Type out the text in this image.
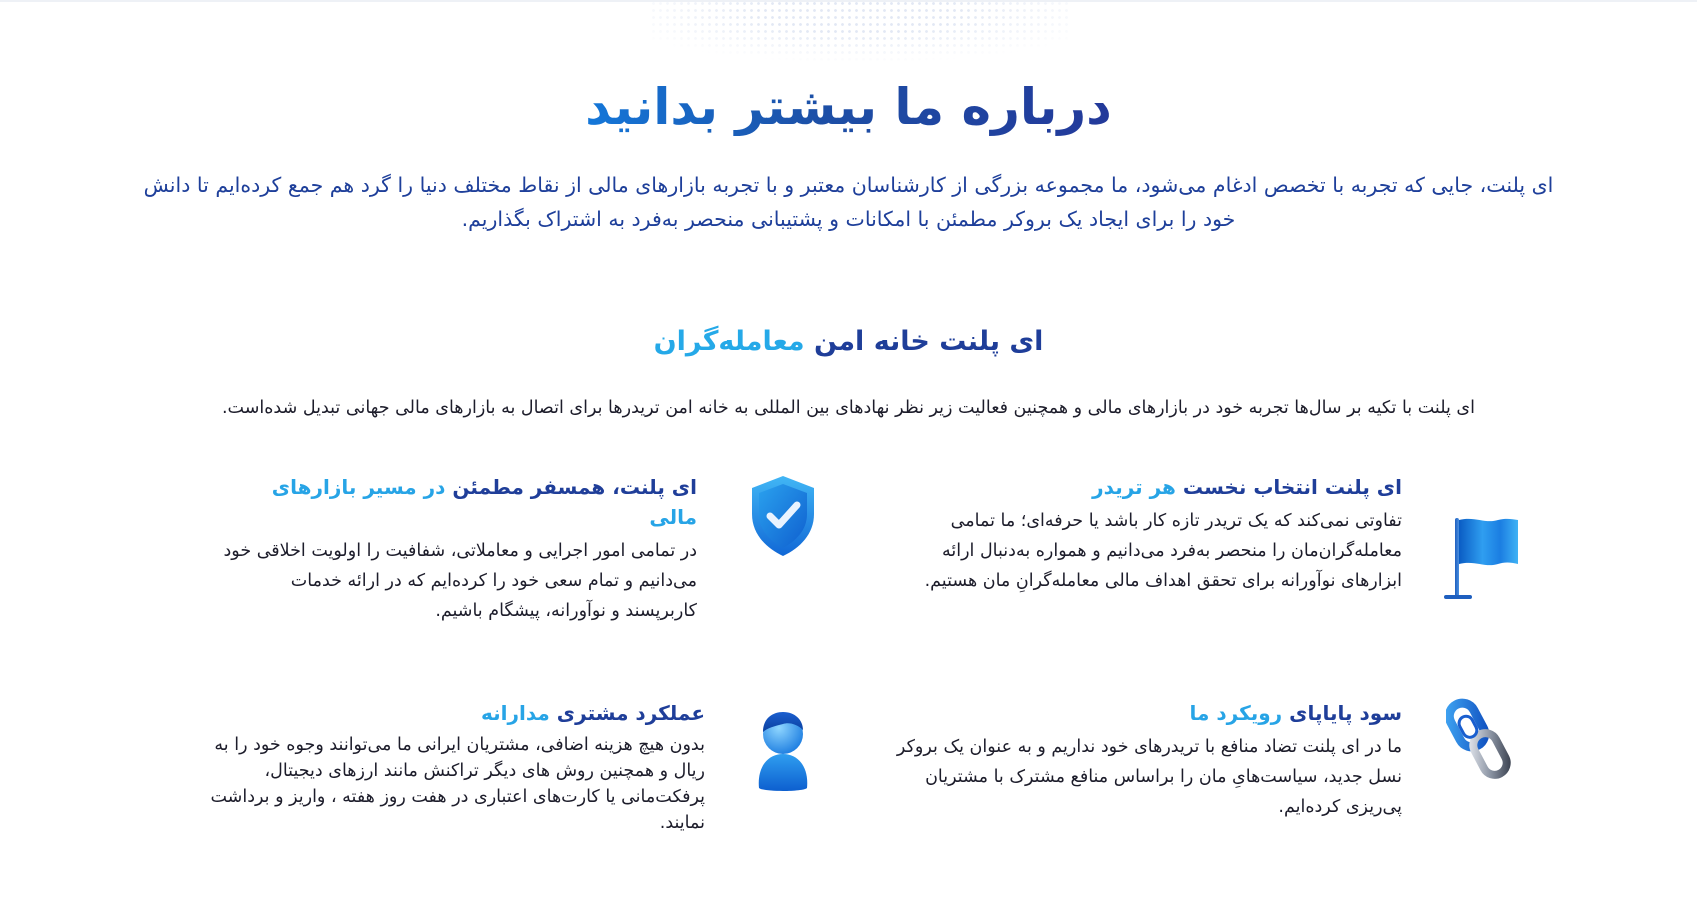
درباره ما بیشتر بدانید

ای پلنت، جایی که تجربه با تخصص ادغام می‌شود، ما مجموعه بزرگی از کارشناسان معتبر و با تجربه بازارهای مالی از نقاط مختلف دنیا را گرد هم جمع کرده‌ایم تا دانش خود را برای ایجاد یک بروکر مطمئن با امکانات و پشتیبانی منحصر به‌فرد به اشتراک بگذاریم.

ای پلنت خانه امن معامله‌گران

ای پلنت با تکیه بر سال‌ها تجربه خود در بازارهای مالی و همچنین فعالیت زیر نظر نهادهای بین المللی به خانه امن تریدرها برای اتصال به بازارهای مالی جهانی تبدیل شده‌است.

ای پلنت انتخاب نخست هر تریدر

تفاوتی نمی‌کند که یک تریدر تازه کار باشد یا حرفه‌ای؛ ما تمامی معامله‌گران‌مان را منحصر به‌فرد می‌دانیم و همواره به‌دنبال ارائه ابزارهای نوآورانه برای تحقق اهداف مالی معامله‌گرانِ مان هستیم.

ای پلنت، همسفر مطمئن در مسیر بازارهای مالی

در تمامی امور اجرایی و معاملاتی، شفافیت را اولویت اخلاقی خود می‌دانیم و تمام سعی خود را کرده‌ایم که در ارائه خدمات کاربرپسند و نوآورانه، پیشگام باشیم.

سود پایاپای رویکرد ما

ما در ای پلنت تضاد منافع با تریدرهای خود نداریم و به عنوان یک بروکر نسل جدید، سیاست‌هایِ مان را براساس منافع مشترک با مشتریان پی‌ریزی کرده‌ایم.

عملکرد مشتری مدارانه

بدون هیچ هزینه اضافی، مشتریان ایرانی ما می‌توانند وجوه خود را به ریال و همچنین روش های دیگر تراکنش مانند ارزهای دیجیتال، پرفکت‌مانی یا کارت‌های اعتباری در هفت روز هفته ، واریز و برداشت نمایند.
